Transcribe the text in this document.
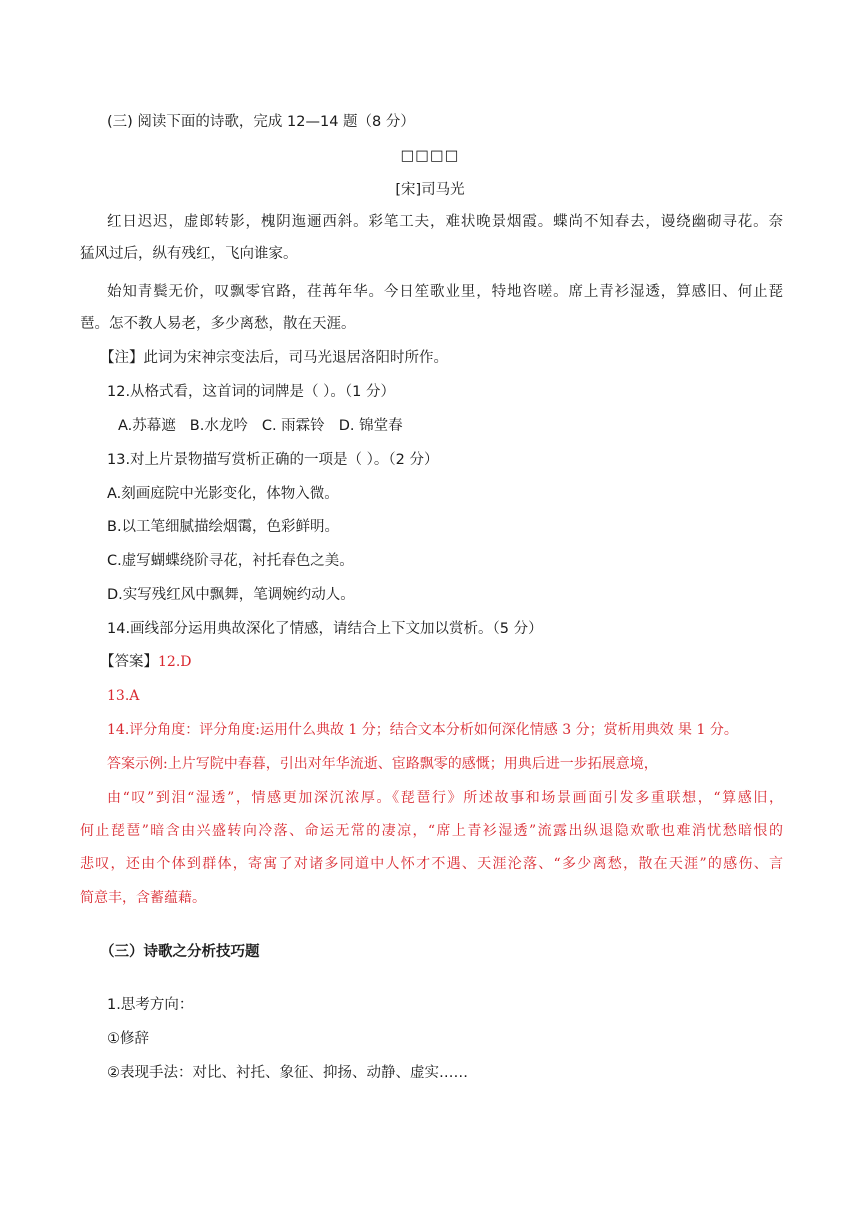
(三) 阅读下面的诗歌，完成 12—14 题（8 分）
□□□□
[宋]司马光
红日迟迟，虚郎转影，槐阴迤逦西斜。彩笔工夫，难状晚景烟霞。蝶尚不知春去，谩绕幽砌寻花。奈
猛风过后，纵有残红，飞向谁家。
始知青鬓无价，叹飘零官路，荏苒年华。今日笙歌业里，特地咨嗟。席上青衫湿透，算感旧、何止琵
琶。怎不教人易老，多少离愁，散在天涯。
【注】此词为宋神宗变法后，司马光退居洛阳时所作。
12.从格式看，这首词的词牌是（ ）。（1 分）
A.苏幕遮 B.水龙吟 C. 雨霖铃 D. 锦堂春
13.对上片景物描写赏析正确的一项是（ ）。（2 分）
A.刻画庭院中光影变化，体物入微。
B.以工笔细腻描绘烟霭，色彩鲜明。
C.虚写蝴蝶绕阶寻花，衬托春色之美。
D.实写残红风中飘舞，笔调婉约动人。
14.画线部分运用典故深化了情感，请结合上下文加以赏析。（5 分）
【答案】12.D
13.A
14.评分角度：评分角度:运用什么典故 1 分；结合文本分析如何深化情感 3 分；赏析用典效 果 1 分。
答案示例:上片写院中春暮，引出对年华流逝、宦路飘零的感慨；用典后进一步拓展意境，
由“叹”到泪“湿透”，情感更加深沉浓厚。《琵琶行》所述故事和场景画面引发多重联想，“算感旧，
何止琵琶”暗含由兴盛转向冷落、命运无常的凄凉，“席上青衫湿透”流露出纵退隐欢歌也难消忧愁暗恨的
悲叹，还由个体到群体，寄寓了对诸多同道中人怀才不遇、天涯沦落、“多少离愁，散在天涯”的感伤、言
简意丰，含蓄蕴藉。
（三）诗歌之分析技巧题
1.思考方向：
①修辞
②表现手法：对比、衬托、象征、抑扬、动静、虚实……
